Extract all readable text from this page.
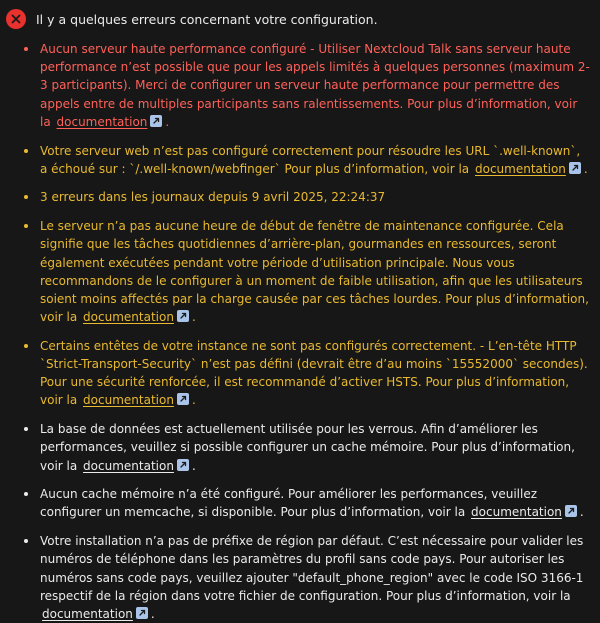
Il y a quelques erreurs concernant votre configuration.
Aucun serveur haute performance configuré - Utiliser Nextcloud Talk sans serveur haute performance n’est possible que pour les appels limités à quelques personnes (maximum 2-3 participants). Merci de configurer un serveur haute performance pour permettre des appels entre de multiples participants sans ralentissements. Pour plus d’information, voir la documentation .
Votre serveur web n’est pas configuré correctement pour résoudre les URL `.well-known`, a échoué sur : `/.well-known/webfinger` Pour plus d’information, voir la documentation .
3 erreurs dans les journaux depuis 9 avril 2025, 22:24:37
Le serveur n’a pas aucune heure de début de fenêtre de maintenance configurée. Cela signifie que les tâches quotidiennes d’arrière-plan, gourmandes en ressources, seront également exécutées pendant votre période d’utilisation principale. Nous vous recommandons de le configurer à un moment de faible utilisation, afin que les utilisateurs soient moins affectés par la charge causée par ces tâches lourdes. Pour plus d’information, voir la documentation .
Certains entêtes de votre instance ne sont pas configurés correctement. - L’en-tête HTTP `Strict-Transport-Security` n’est pas défini (devrait être d’au moins `15552000` secondes). Pour une sécurité renforcée, il est recommandé d’activer HSTS. Pour plus d’information, voir la documentation .
La base de données est actuellement utilisée pour les verrous. Afin d’améliorer les performances, veuillez si possible configurer un cache mémoire. Pour plus d’information, voir la documentation .
Aucun cache mémoire n’a été configuré. Pour améliorer les performances, veuillez configurer un memcache, si disponible. Pour plus d’information, voir la documentation .
Votre installation n’a pas de préfixe de région par défaut. C’est nécessaire pour valider les numéros de téléphone dans les paramètres du profil sans code pays. Pour autoriser les numéros sans code pays, veuillez ajouter "default_phone_region" avec le code ISO 3166-1 respectif de la région dans votre fichier de configuration. Pour plus d’information, voir la documentation .
